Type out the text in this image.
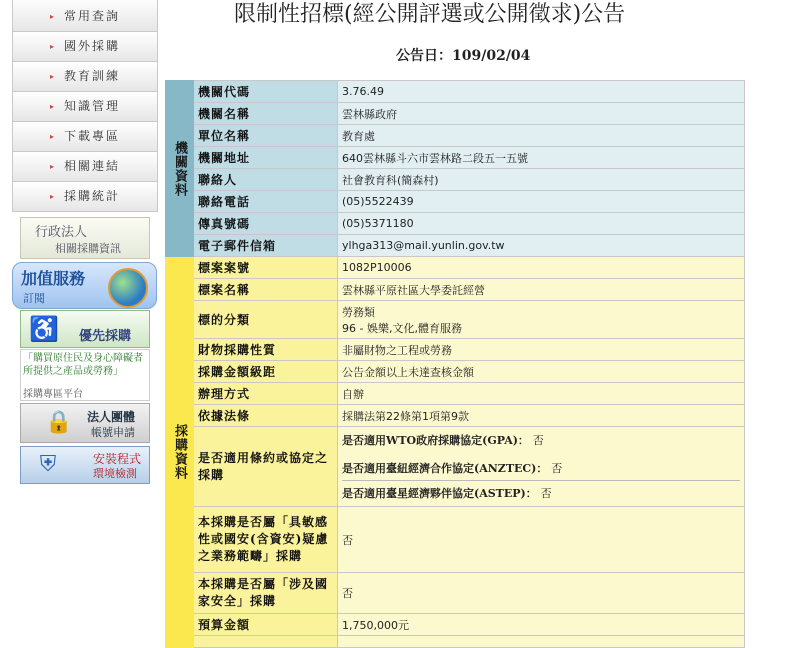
▸ 常用查詢
▸ 國外採購
▸ 教育訓練
▸ 知識管理
▸ 下載專區
▸ 相關連結
▸ 採購統計
行政法人
相關採購資訊
加值服務
訂閱
♿ 優先採購
「購買原住民及身心障礙者所提供之產品或勞務」
採購專區平台
🔒 法人團體
帳號申請
⛨	安裝程式
環境檢測
限制性招標(經公開評選或公開徵求)公告
公告日：109/02/04
機關資料	機關代碼	3.76.49
	機關名稱	雲林縣政府
	單位名稱	教育處
	機關地址	640雲林縣斗六市雲林路二段五一五號
	聯絡人	社會教育科(簡森村)
	聯絡電話	(05)5522439
	傳真號碼	(05)5371180
	電子郵件信箱	ylhga313@mail.yunlin.gov.tw

採購資料	標案案號	1082P10006
	標案名稱	雲林縣平原社區大學委託經營
	標的分類	勞務類
96 - 娛樂,文化,體育服務

	財物採購性質	非屬財物之工程或勞務
	採購金額級距	公告金額以上未達查核金額
	辦理方式	自辦
	依據法條	採購法第22條第1項第9款
	是否適用條約或協定之採購	是否適用WTO政府採購協定(GPA)： 否
是否適用臺紐經濟合作協定(ANZTEC)： 否
是否適用臺星經濟夥伴協定(ASTEP)： 否

	本採購是否屬「具敏感性或國安(含資安)疑慮之業務範疇」採購	否
	本採購是否屬「涉及國家安全」採購	否
	預算金額	1,750,000元
